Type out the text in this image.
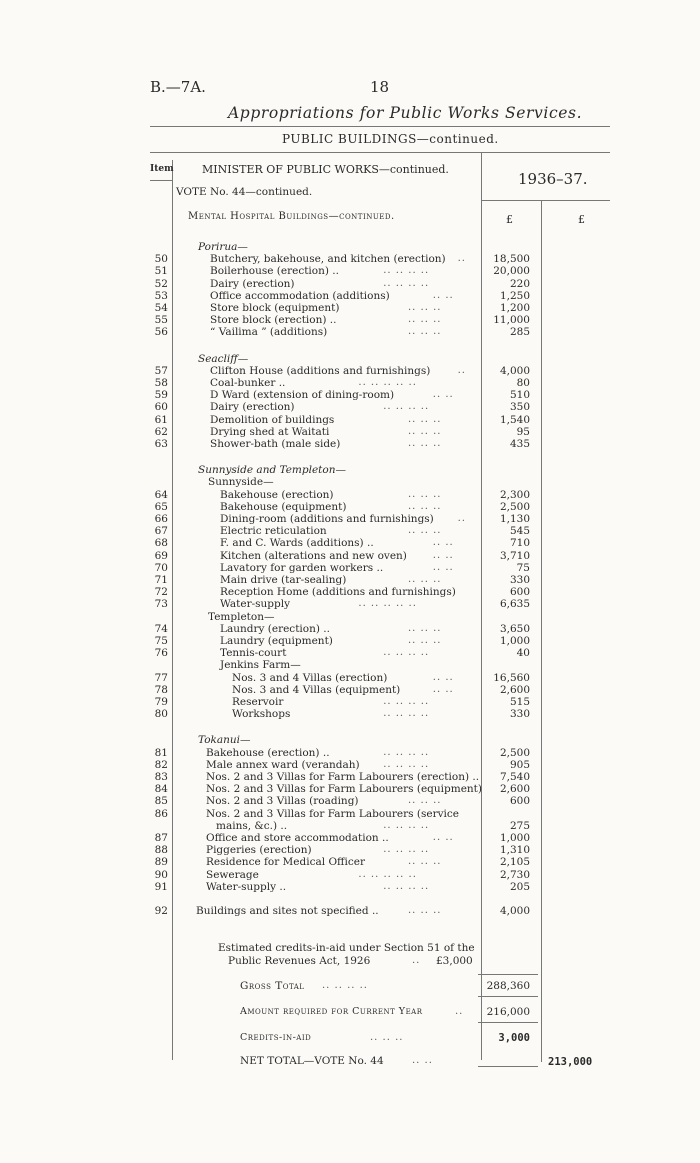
B.—7A.	18
Appropriations for Public Works Services.
PUBLIC BUILDINGS—continued.
Item	MINISTER OF PUBLIC WORKS—continued.
1936–37.
VOTE No. 44—continued.
Mental Hospital Buildings—continued.	£	£
Porirua—
50	Butchery, bakehouse, and kitchen (erection) ..	18,500
51	Boilerhouse (erection) ..	.. .. .. ..	20,000
52	Dairy (erection)	.. .. .. ..	220
53	Office accommodation (additions)	.. ..	1,250
54	Store block (equipment)	.. .. ..	1,200
55	Store block (erection) ..	.. .. ..	11,000
56	“ Vailima ” (additions)	.. .. ..	285
Seacliff—
57	Clifton House (additions and furnishings)	..	4,000
58	Coal-bunker ..	.. .. .. .. ..	80
59	D Ward (extension of dining-room)	.. ..	510
60	Dairy (erection)	.. .. .. ..	350
61	Demolition of buildings	.. .. ..	1,540
62	Drying shed at Waitati	.. .. ..	95
63	Shower-bath (male side)	.. .. ..	435
Sunnyside and Templeton—
Sunnyside—
64	Bakehouse (erection)	.. .. ..	2,300
65	Bakehouse (equipment)	.. .. ..	2,500
66	Dining-room (additions and furnishings) ..	1,130
67	Electric reticulation	.. .. ..	545
68	F. and C. Wards (additions) ..	.. ..	710
69	Kitchen (alterations and new oven)	.. ..	3,710
70	Lavatory for garden workers ..	.. ..	75
71	Main drive (tar-sealing)	.. .. ..	330
72	Reception Home (additions and furnishings)	600
73	Water-supply	.. .. .. .. ..	6,635
Templeton—
74	Laundry (erection) ..	.. .. ..	3,650
75	Laundry (equipment)	.. .. ..	1,000
76	Tennis-court	.. .. .. ..	40
Jenkins Farm—
77	Nos. 3 and 4 Villas (erection)	.. ..	16,560
78	Nos. 3 and 4 Villas (equipment)	.. ..	2,600
79	Reservoir	.. .. .. ..	515
80	Workshops	.. .. .. ..	330
Tokanui—
81	Bakehouse (erection) ..	.. .. .. ..	2,500
82	Male annex ward (verandah) .. .. .. ..	905
83	Nos. 2 and 3 Villas for Farm Labourers (erection) ..	7,540
84	Nos. 2 and 3 Villas for Farm Labourers (equipment)	2,600
85	Nos. 2 and 3 Villas (roading)	.. .. ..	600
86	Nos. 2 and 3 Villas for Farm Labourers (service
mains, &c.) ..	.. .. .. ..	275
87	Office and store accommodation ..	.. ..	1,000
88	Piggeries (erection)	.. .. .. ..	1,310
89	Residence for Medical Officer	.. .. ..	2,105
90	Sewerage	.. .. .. .. ..	2,730
91	Water-supply ..	.. .. .. ..	205
92	Buildings and sites not specified ..	.. .. ..	4,000
Estimated credits-in-aid under Section 51 of the
Public Revenues Act, 1926	.. £3,000
Gross Total .. .. .. ..	288,360
Amount required for Current Year	..	216,000
Credits-in-aid	.. .. ..	3,000
NET TOTAL—VOTE No. 44	.. ..	213,000
